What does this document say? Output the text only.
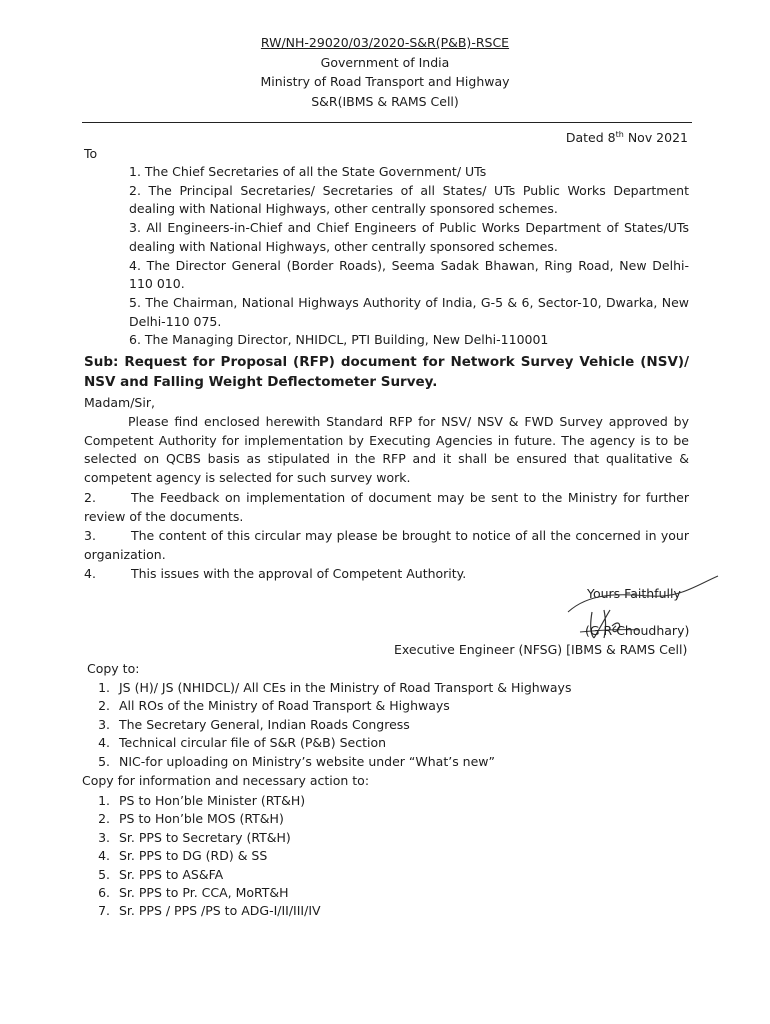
RW/NH-29020/03/2020-S&R(P&B)-RSCE
Government of India
Ministry of Road Transport and Highway
S&R(IBMS & RAMS Cell)
Dated 8th Nov 2021
To
1. The Chief Secretaries of all the State Government/ UTs
2. The Principal Secretaries/ Secretaries of all States/ UTs Public Works Department dealing with National Highways, other centrally sponsored schemes.
3. All Engineers-in-Chief and Chief Engineers of Public Works Department of States/UTs dealing with National Highways, other centrally sponsored schemes.
4. The Director General (Border Roads), Seema Sadak Bhawan, Ring Road, New Delhi-110 010.
5. The Chairman, National Highways Authority of India, G-5 & 6, Sector-10, Dwarka, New Delhi-110 075.
6. The Managing Director, NHIDCL, PTI Building, New Delhi-110001
Sub: Request for Proposal (RFP) document for Network Survey Vehicle (NSV)/ NSV and Falling Weight Deflectometer Survey.
Madam/Sir,
Please find enclosed herewith Standard RFP for NSV/ NSV & FWD Survey approved by Competent Authority for implementation by Executing Agencies in future. The agency is to be selected on QCBS basis as stipulated in the RFP and it shall be ensured that qualitative & competent agency is selected for such survey work.
2.	The Feedback on implementation of document may be sent to the Ministry for further review of the documents.
3.	The content of this circular may please be brought to notice of all the concerned in your organization.
4.	This issues with the approval of Competent Authority.
Yours Faithfully
(G R Choudhary)
Executive Engineer (NFSG) [IBMS & RAMS Cell)
Copy to:
1. JS (H)/ JS (NHIDCL)/ All CEs in the Ministry of Road Transport & Highways
2. All ROs of the Ministry of Road Transport & Highways
3. The Secretary General, Indian Roads Congress
4. Technical circular file of S&R (P&B) Section
5. NIC-for uploading on Ministry’s website under “What’s new”
Copy for information and necessary action to:
1. PS to Hon’ble Minister (RT&H)
2. PS to Hon’ble MOS (RT&H)
3. Sr. PPS to Secretary (RT&H)
4. Sr. PPS to DG (RD) & SS
5. Sr. PPS to AS&FA
6. Sr. PPS to Pr. CCA, MoRT&H
7. Sr. PPS / PPS /PS to ADG-I/II/III/IV
